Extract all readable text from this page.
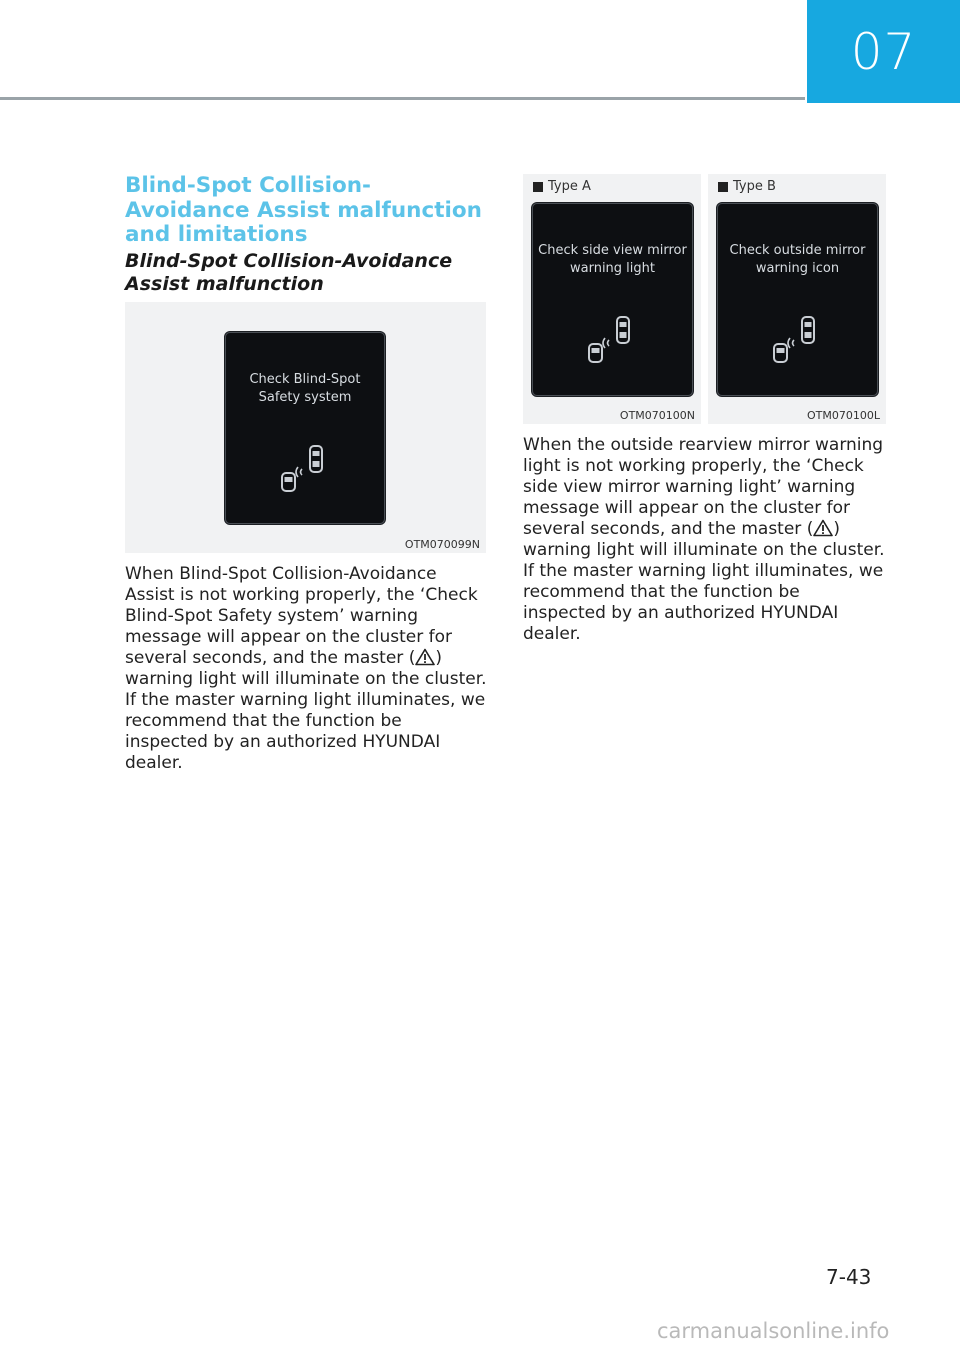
07
Blind-Spot Collision-Avoidance Assist malfunction and limitations
Blind-Spot Collision-Avoidance Assist malfunction
Check Blind-Spot
Safety system
OTM070099N
Type A
Check side view mirror
warning light
OTM070100N
Type B
Check outside mirror
warning icon
OTM070100L

When Blind-Spot Collision-Avoidance Assist is not working properly, the ‘Check Blind-Spot Safety system’ warning message will appear on the cluster for several seconds, and the master ( ) warning light will illuminate on the cluster. If the master warning light illuminates, we recommend that the function be inspected by an authorized HYUNDAI dealer.

When the outside rearview mirror warning light is not working properly, the ‘Check side view mirror warning light’ warning message will appear on the cluster for several seconds, and the master ( ) warning light will illuminate on the cluster. If the master warning light illuminates, we recommend that the function be inspected by an authorized HYUNDAI dealer.

7-43
carmanualsonline.info
